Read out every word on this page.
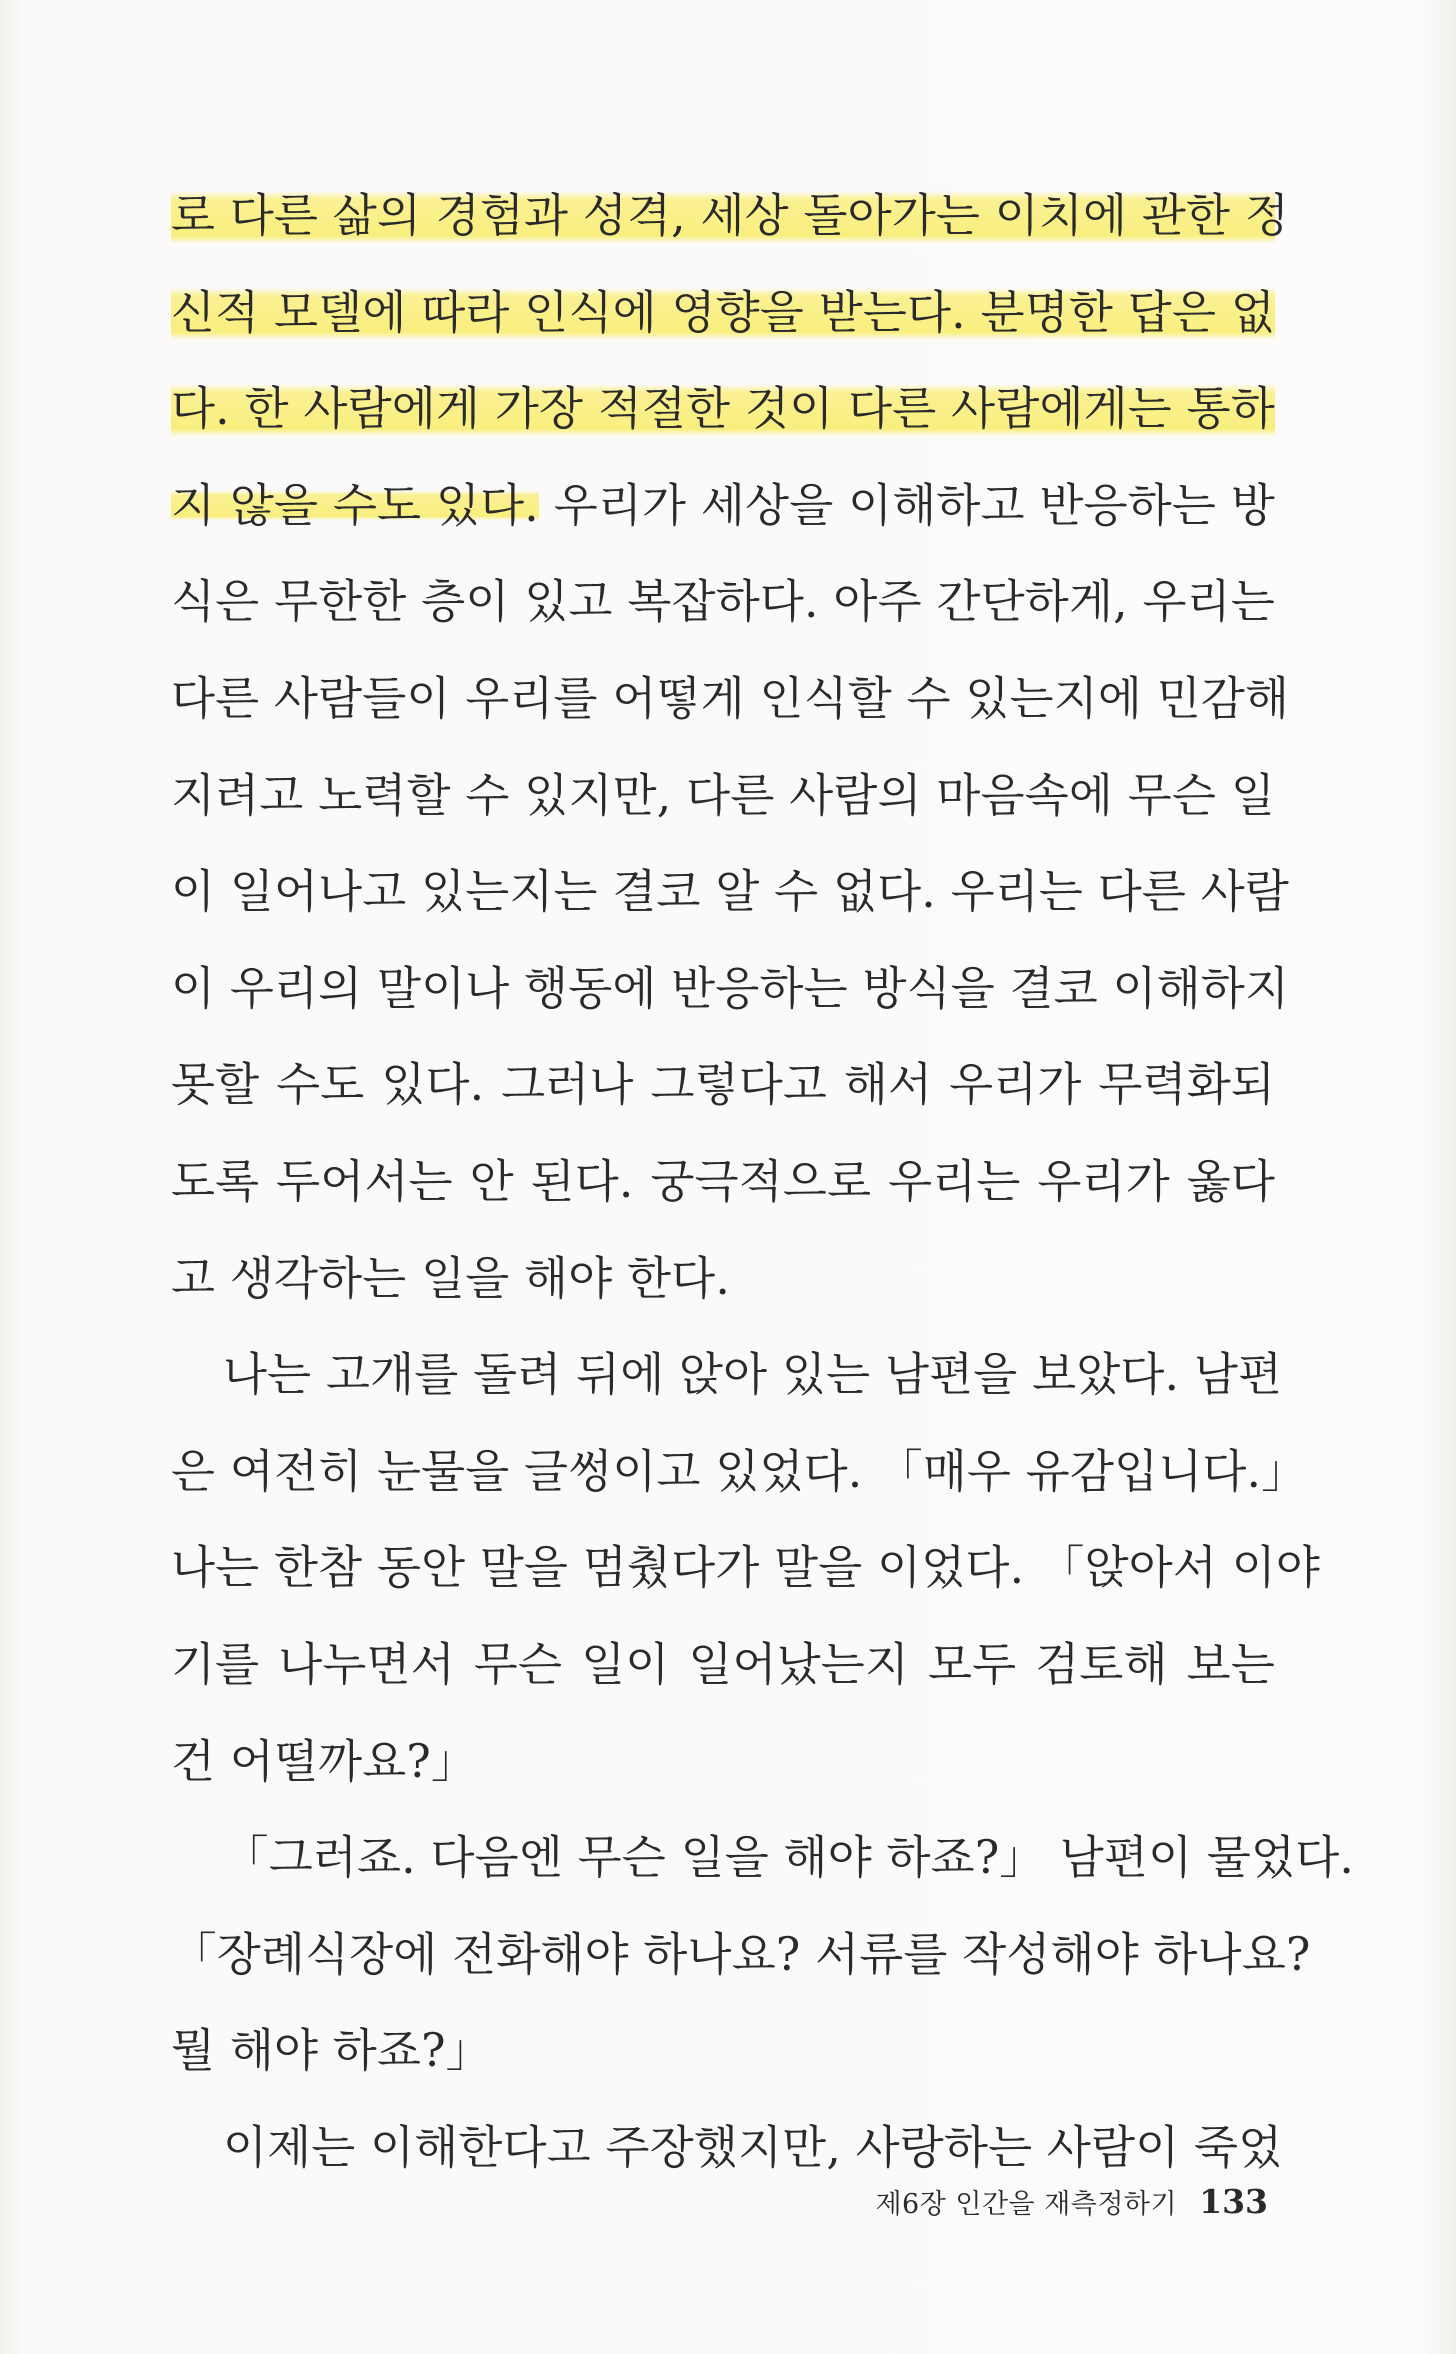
로 다른 삶의 경험과 성격, 세상 돌아가는 이치에 관한 정
신적 모델에 따라 인식에 영향을 받는다. 분명한 답은 없
다. 한 사람에게 가장 적절한 것이 다른 사람에게는 통하
지 않을 수도 있다. 우리가 세상을 이해하고 반응하는 방
식은 무한한 층이 있고 복잡하다. 아주 간단하게, 우리는
다른 사람들이 우리를 어떻게 인식할 수 있는지에 민감해
지려고 노력할 수 있지만, 다른 사람의 마음속에 무슨 일
이 일어나고 있는지는 결코 알 수 없다. 우리는 다른 사람
이 우리의 말이나 행동에 반응하는 방식을 결코 이해하지
못할 수도 있다. 그러나 그렇다고 해서 우리가 무력화되
도록 두어서는 안 된다. 궁극적으로 우리는 우리가 옳다
고 생각하는 일을 해야 한다.
나는 고개를 돌려 뒤에 앉아 있는 남편을 보았다. 남편
은 여전히 눈물을 글썽이고 있었다. 「매우 유감입니다.」
나는 한참 동안 말을 멈췄다가 말을 이었다. 「앉아서 이야
기를 나누면서 무슨 일이 일어났는지 모두 검토해 보는
건 어떨까요?」
「그러죠. 다음엔 무슨 일을 해야 하죠?」 남편이 물었다.
「장례식장에 전화해야 하나요? 서류를 작성해야 하나요?
뭘 해야 하죠?」
이제는 이해한다고 주장했지만, 사랑하는 사람이 죽었
제6장 인간을 재측정하기 133
